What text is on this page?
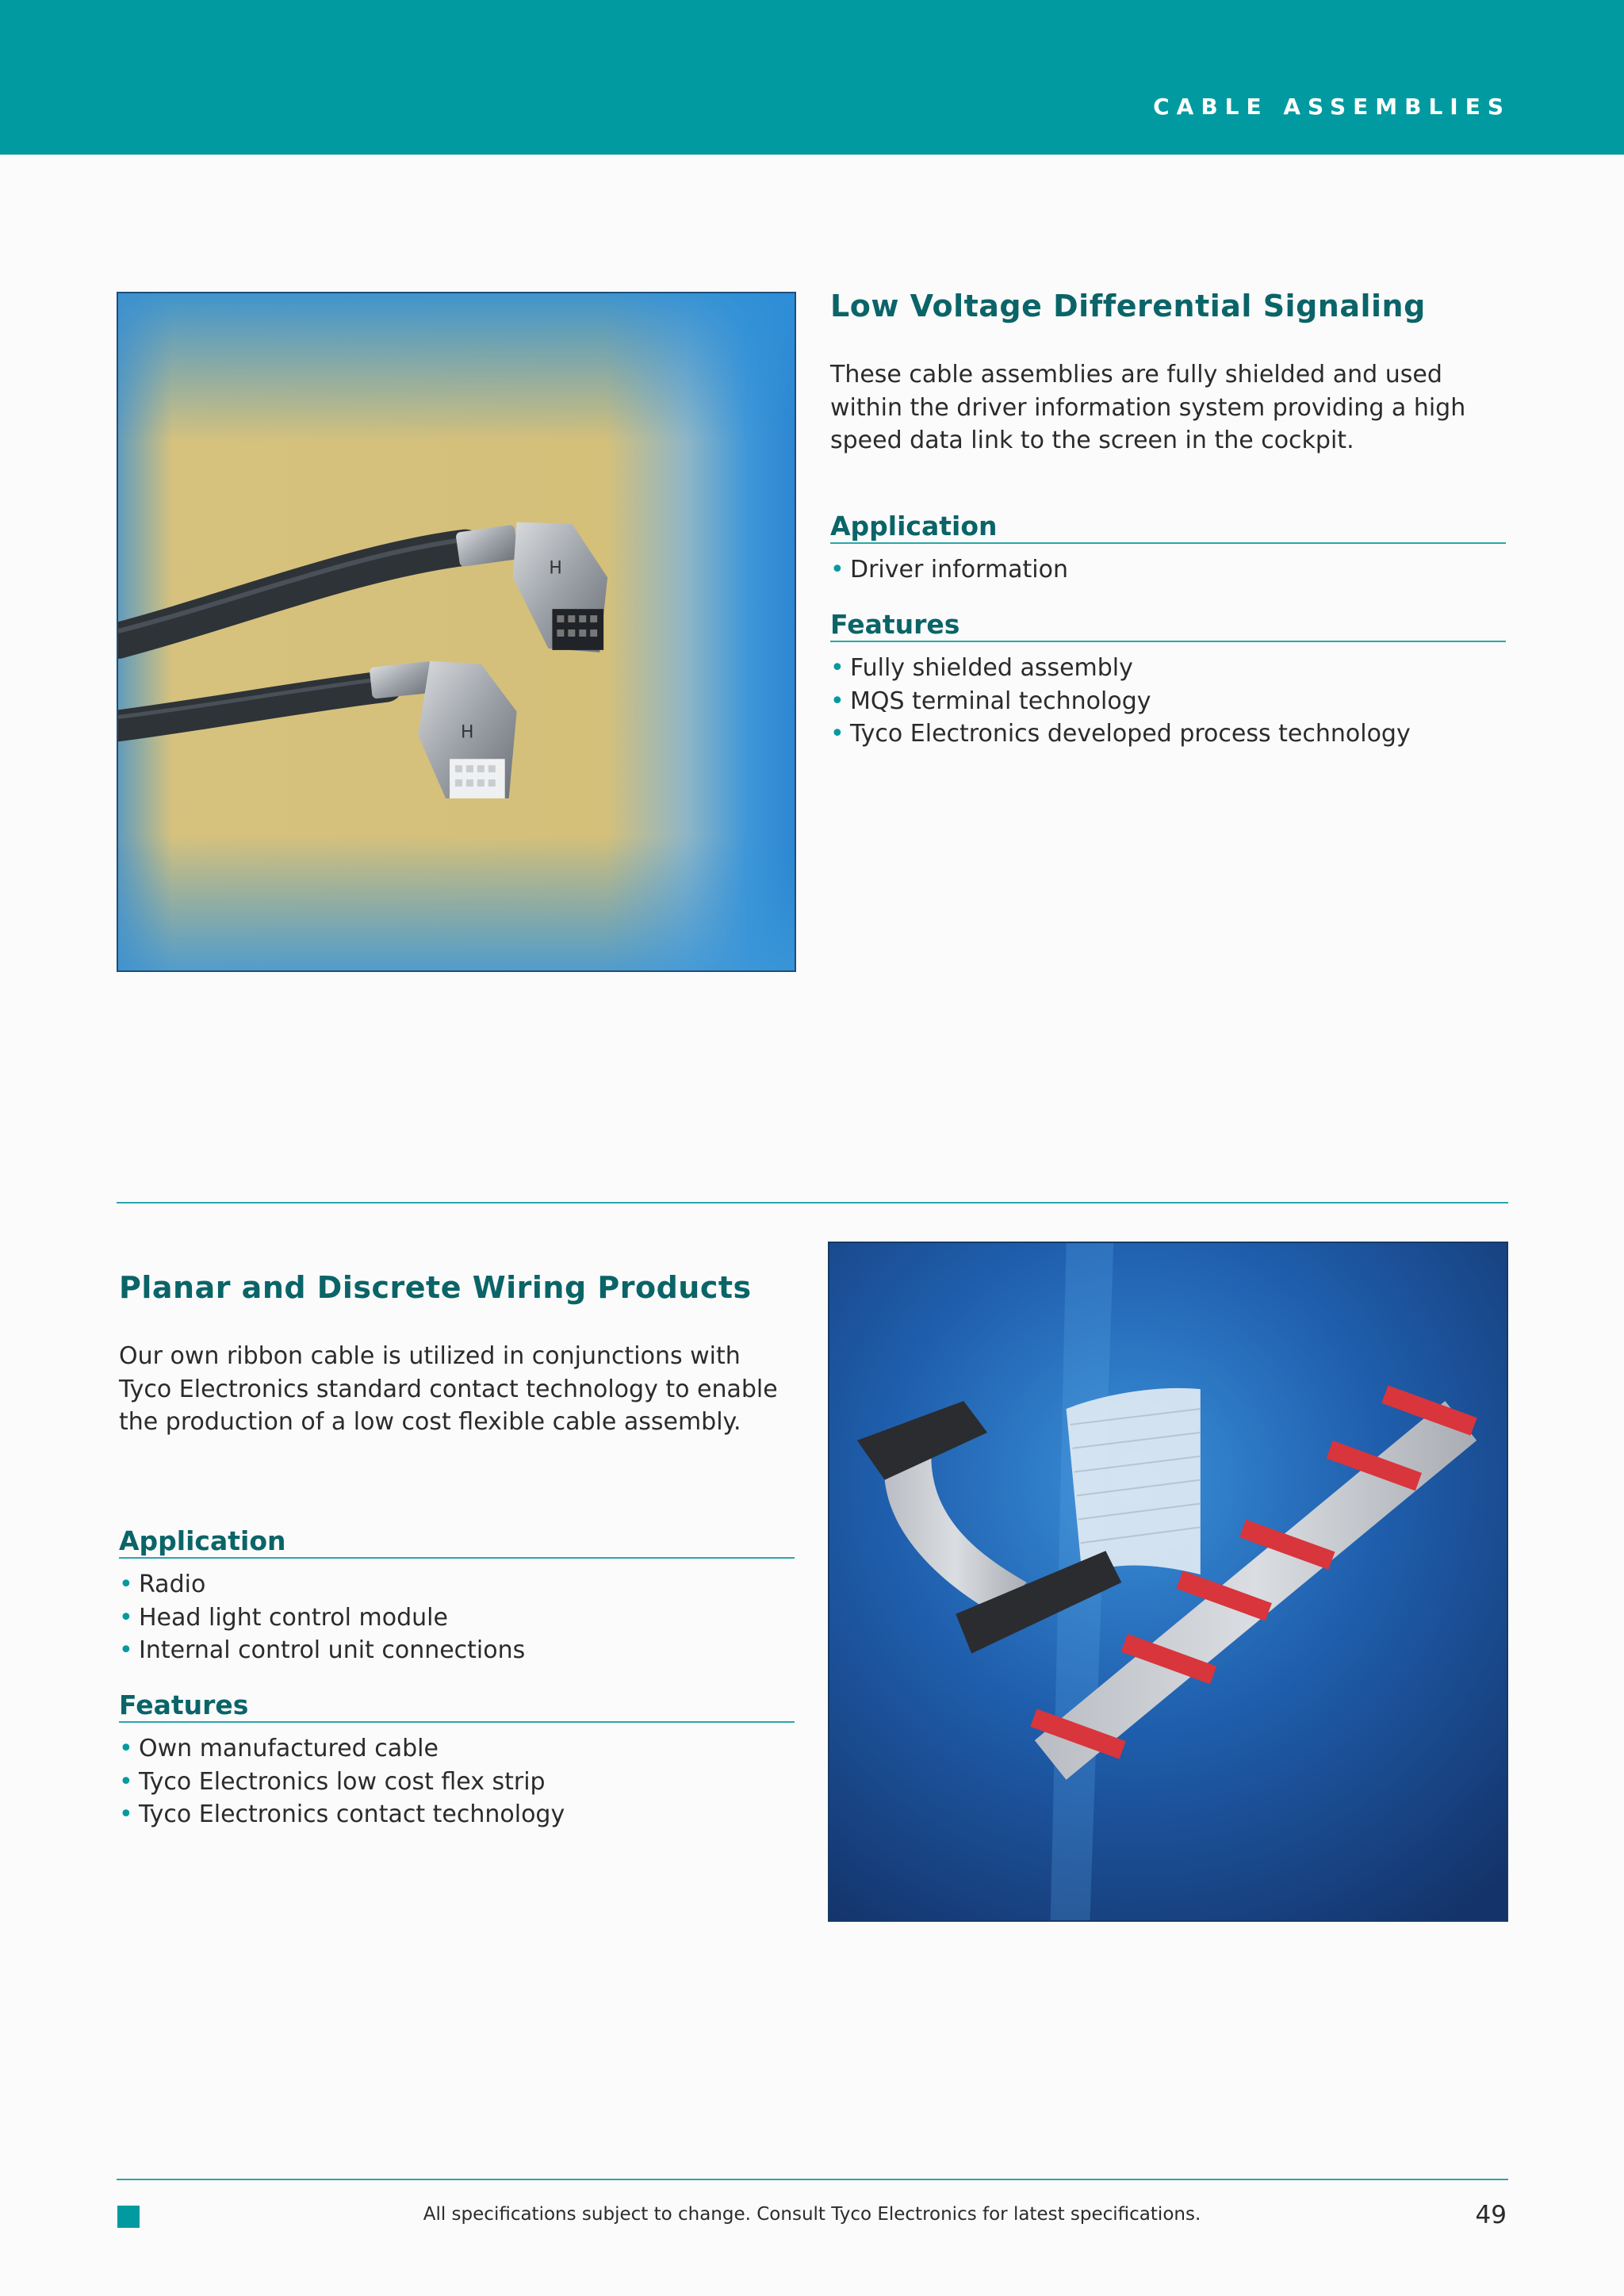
CABLE ASSEMBLIES
H
H
Low Voltage Differential Signaling

These cable assemblies are fully shielded and used within the driver information system providing a high speed data link to the screen in the cockpit.

Application
• Driver information
Features
• Fully shielded assembly
• MQS terminal technology
• Tyco Electronics developed process technology
Planar and Discrete Wiring Products

Our own ribbon cable is utilized in conjunctions with Tyco Electronics standard contact technology to enable the production of a low cost flexible cable assembly.

Application
• Radio
• Head light control module
• Internal control unit connections
Features
• Own manufactured cable
• Tyco Electronics low cost flex strip
• Tyco Electronics contact technology
All specifications subject to change. Consult Tyco Electronics for latest specifications.	49
